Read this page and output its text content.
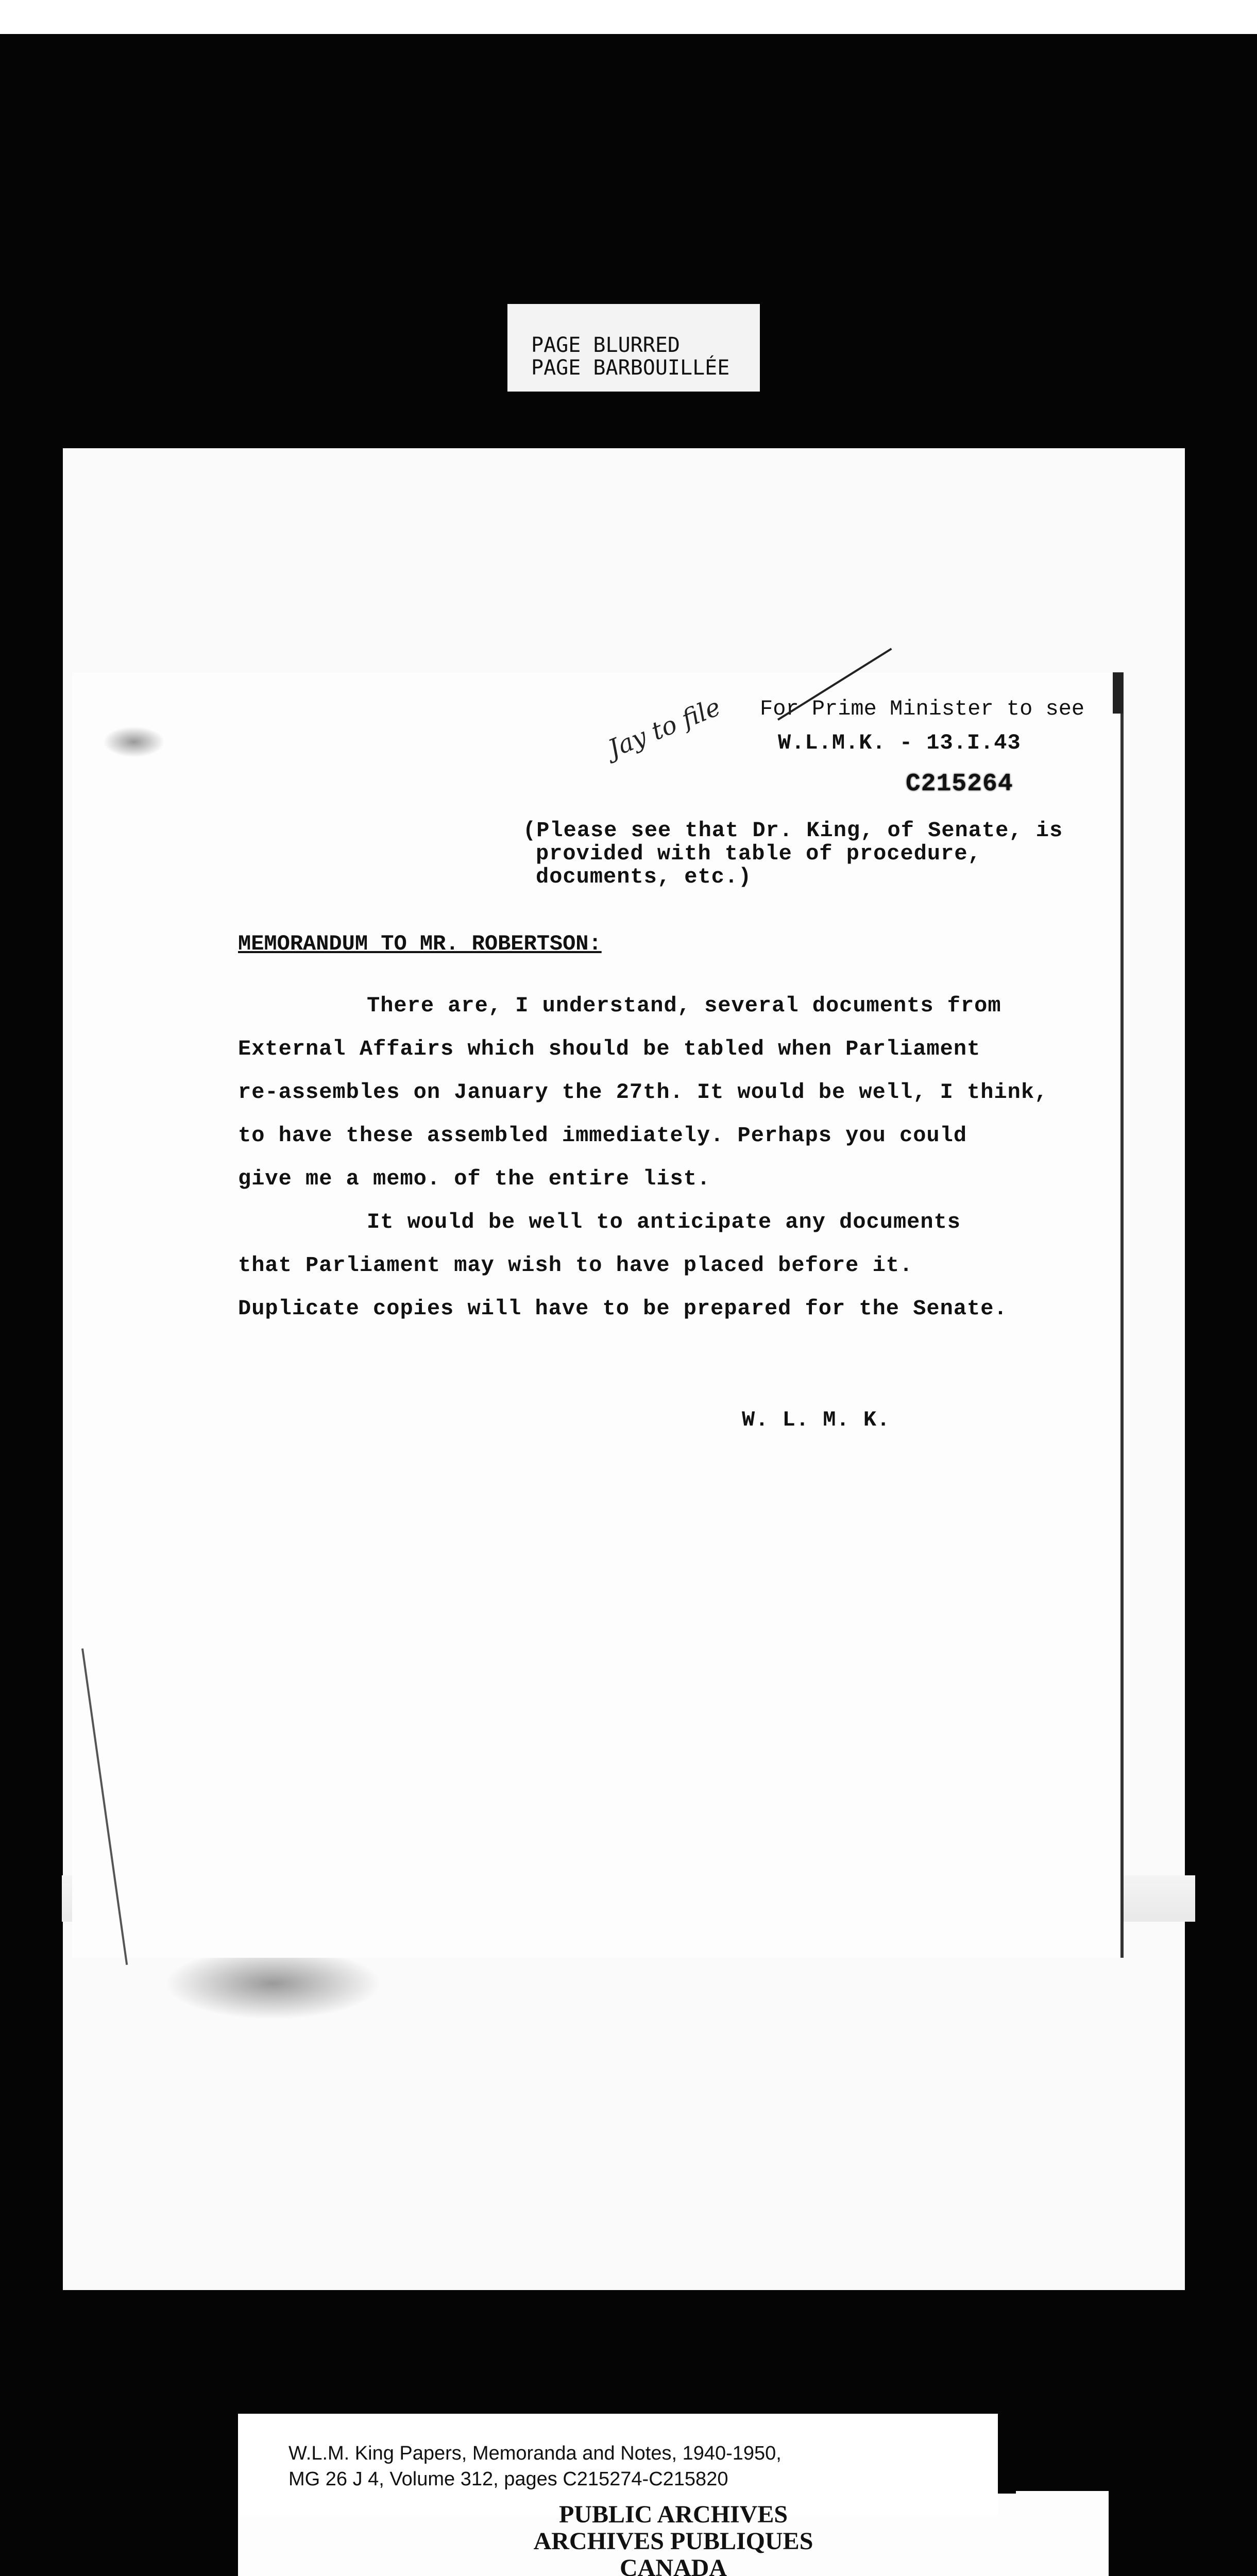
PAGE BLURRED
PAGE BARBOUILLÉE
For Prime Minister to see
W.L.M.K. - 13.I.43
Jay to file
C215264
(Please see that Dr. King, of Senate, is
provided with table of procedure,
documents, etc.)
MEMORANDUM TO MR. ROBERTSON:
There are, I understand, several documents from
External Affairs which should be tabled when Parliament
re-assembles on January the 27th. It would be well, I think,
to have these assembled immediately. Perhaps you could
give me a memo. of the entire list.
It would be well to anticipate any documents
that Parliament may wish to have placed before it.
Duplicate copies will have to be prepared for the Senate.
W. L. M. K.
W.L.M. King Papers, Memoranda and Notes, 1940-1950,
MG 26 J 4, Volume 312, pages C215274-C215820
PUBLIC ARCHIVES
ARCHIVES PUBLIQUES
CANADA
